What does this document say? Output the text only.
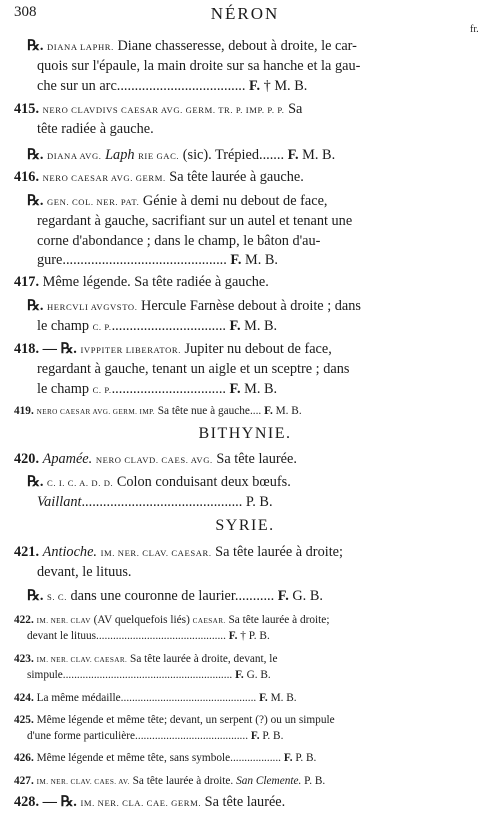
308	NÉRON
fr.
℞. DIANA LAPHR. Diane chasseresse, debout à droite, le car-
quois sur l'épaule, la main droite sur sa hanche et la gau-
che sur un arc.................................... F. † M. B.
415. NERO CLAVDIVS CAESAR AVG. GERM. TR. P. IMP. P. P. Sa
tête radiée à gauche.
℞. DIANA AVG. Laph RIE GAC. (sic). Trépied....... F. M. B.
416. NERO CAESAR AVG. GERM. Sa tête laurée à gauche.
℞. GEN. COL. NER. PAT. Génie à demi nu debout de face,
regardant à gauche, sacrifiant sur un autel et tenant une
corne d'abondance ; dans le champ, le bâton d'au-
gure.............................................. F. M. B.
417. Même légende. Sa tête radiée à gauche.
℞. HERCVLI AVGVSTO. Hercule Farnèse debout à droite ; dans
le champ C. P................................. F. M. B.
418. — ℞. IVPPITER LIBERATOR. Jupiter nu debout de face,
regardant à gauche, tenant un aigle et un sceptre ; dans
le champ C. P................................. F. M. B.
419. NERO CAESAR AVG. GERM. IMP. Sa tête nue à gauche.... F. M. B.
BITHYNIE.
420. Apamée. NERO CLAVD. CAES. AVG. Sa tête laurée.
℞. C. I. C. A. D. D. Colon conduisant deux bœufs.
Vaillant............................................. P. B.
SYRIE.
421. Antioche. IM. NER. CLAV. CAESAR. Sa tête laurée à droite;
devant, le lituus.
℞. S. C. dans une couronne de laurier........... F. G. B.
422. IM. NER. CLAV (AV quelquefois liés) CAESAR. Sa tête laurée à droite;
devant le lituus.............................................. F. † P. B.
423. IM. NER. CLAV. CAESAR. Sa tête laurée à droite, devant, le
simpule............................................................ F. G. B.
424. La même médaille................................................ F. M. B.
425. Même légende et même tête; devant, un serpent (?) ou un simpule
d'une forme particulière........................................ F. P. B.
426. Même légende et même tête, sans symbole.................. F. P. B.
427. IM. NER. CLAV. CAES. AV. Sa tête laurée à droite. San Clemente. P. B.
428. — ℞. IM. NER. CLA. CAE. GERM. Sa tête laurée.
